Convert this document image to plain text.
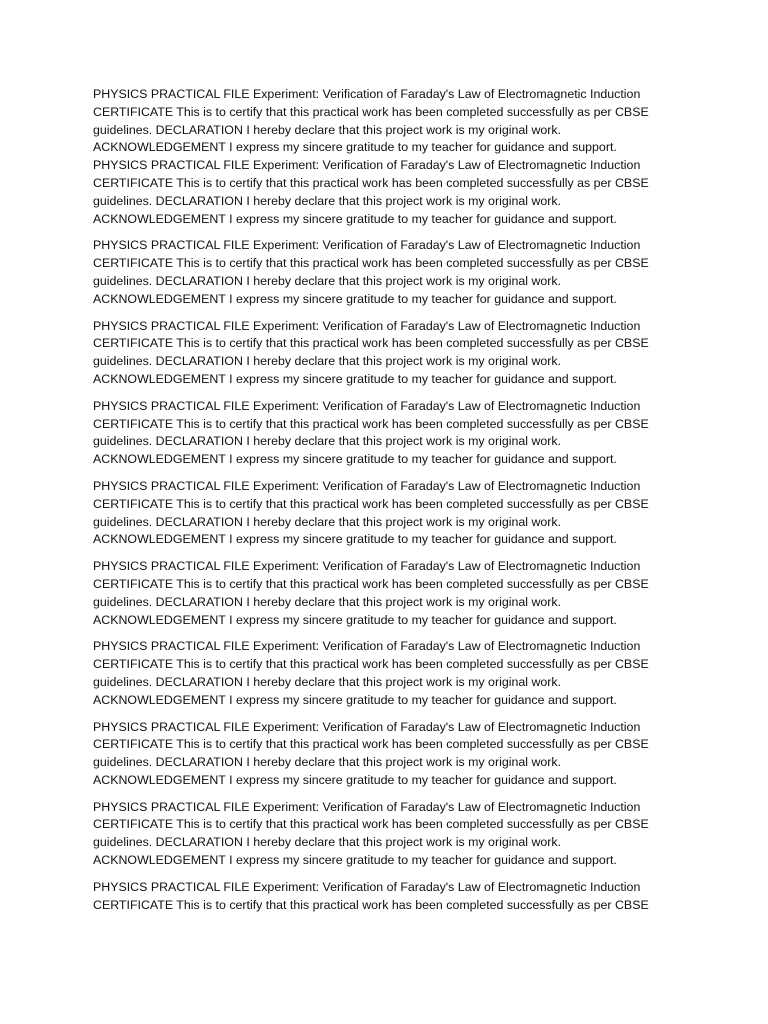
PHYSICS PRACTICAL FILE Experiment: Verification of Faraday's Law of Electromagnetic Induction
CERTIFICATE This is to certify that this practical work has been completed successfully as per CBSE
guidelines. DECLARATION I hereby declare that this project work is my original work.
ACKNOWLEDGEMENT I express my sincere gratitude to my teacher for guidance and support.
PHYSICS PRACTICAL FILE Experiment: Verification of Faraday's Law of Electromagnetic Induction
CERTIFICATE This is to certify that this practical work has been completed successfully as per CBSE
guidelines. DECLARATION I hereby declare that this project work is my original work.
ACKNOWLEDGEMENT I express my sincere gratitude to my teacher for guidance and support.
PHYSICS PRACTICAL FILE Experiment: Verification of Faraday's Law of Electromagnetic Induction
CERTIFICATE This is to certify that this practical work has been completed successfully as per CBSE
guidelines. DECLARATION I hereby declare that this project work is my original work.
ACKNOWLEDGEMENT I express my sincere gratitude to my teacher for guidance and support.
PHYSICS PRACTICAL FILE Experiment: Verification of Faraday's Law of Electromagnetic Induction
CERTIFICATE This is to certify that this practical work has been completed successfully as per CBSE
guidelines. DECLARATION I hereby declare that this project work is my original work.
ACKNOWLEDGEMENT I express my sincere gratitude to my teacher for guidance and support.
PHYSICS PRACTICAL FILE Experiment: Verification of Faraday's Law of Electromagnetic Induction
CERTIFICATE This is to certify that this practical work has been completed successfully as per CBSE
guidelines. DECLARATION I hereby declare that this project work is my original work.
ACKNOWLEDGEMENT I express my sincere gratitude to my teacher for guidance and support.
PHYSICS PRACTICAL FILE Experiment: Verification of Faraday's Law of Electromagnetic Induction
CERTIFICATE This is to certify that this practical work has been completed successfully as per CBSE
guidelines. DECLARATION I hereby declare that this project work is my original work.
ACKNOWLEDGEMENT I express my sincere gratitude to my teacher for guidance and support.
PHYSICS PRACTICAL FILE Experiment: Verification of Faraday's Law of Electromagnetic Induction
CERTIFICATE This is to certify that this practical work has been completed successfully as per CBSE
guidelines. DECLARATION I hereby declare that this project work is my original work.
ACKNOWLEDGEMENT I express my sincere gratitude to my teacher for guidance and support.
PHYSICS PRACTICAL FILE Experiment: Verification of Faraday's Law of Electromagnetic Induction
CERTIFICATE This is to certify that this practical work has been completed successfully as per CBSE
guidelines. DECLARATION I hereby declare that this project work is my original work.
ACKNOWLEDGEMENT I express my sincere gratitude to my teacher for guidance and support.
PHYSICS PRACTICAL FILE Experiment: Verification of Faraday's Law of Electromagnetic Induction
CERTIFICATE This is to certify that this practical work has been completed successfully as per CBSE
guidelines. DECLARATION I hereby declare that this project work is my original work.
ACKNOWLEDGEMENT I express my sincere gratitude to my teacher for guidance and support.
PHYSICS PRACTICAL FILE Experiment: Verification of Faraday's Law of Electromagnetic Induction
CERTIFICATE This is to certify that this practical work has been completed successfully as per CBSE
guidelines. DECLARATION I hereby declare that this project work is my original work.
ACKNOWLEDGEMENT I express my sincere gratitude to my teacher for guidance and support.
PHYSICS PRACTICAL FILE Experiment: Verification of Faraday's Law of Electromagnetic Induction
CERTIFICATE This is to certify that this practical work has been completed successfully as per CBSE
